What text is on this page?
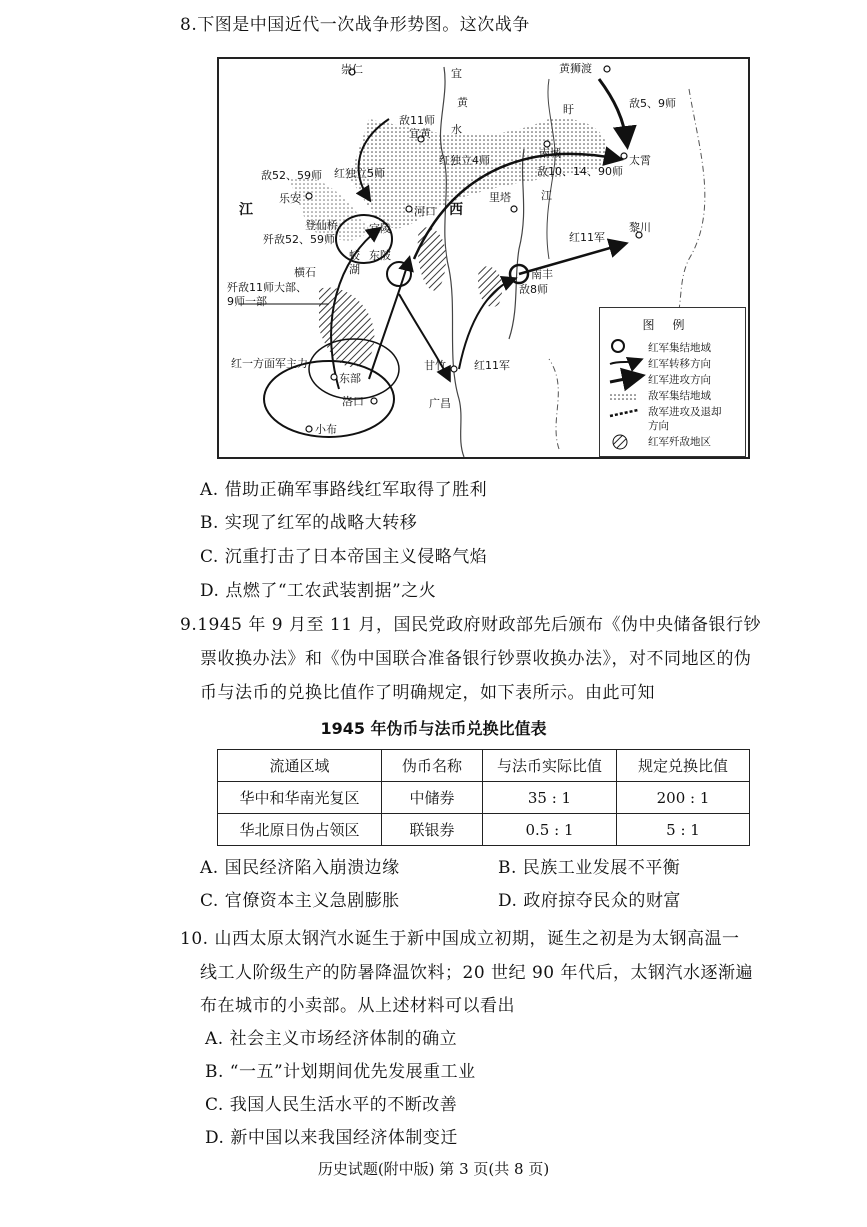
8.下图是中国近代一次战争形势图。这次战争
崇仁	宜
黄
水
黄狮渡
敌5、9师
敌11师
宜黄
盱
红独立4师
南城
太霄
敌52、59师 红独立5师	敌10、14、90师
乐安	江
里塔
江	河口 西
登仙桥	宜陵	黎川
歼敌52、59师	红11军
蛟 东陂
湖
横石	南丰
歼敌11师大部、	敌8师
9师一部
红一方面军主力	甘竹	红11军
东部
洛口	广昌
小布
图例
红军集结地域
红军转移方向
红军进攻方向
敌军集结地域
敌军进攻及退却
方向
红军歼敌地区
A. 借助正确军事路线红军取得了胜利
B. 实现了红军的战略大转移
C. 沉重打击了日本帝国主义侵略气焰
D. 点燃了“工农武装割据”之火
9.1945 年 9 月至 11 月，国民党政府财政部先后颁布《伪中央储备银行钞
票收换办法》和《伪中国联合准备银行钞票收换办法》，对不同地区的伪
币与法币的兑换比值作了明确规定，如下表所示。由此可知
1945 年伪币与法币兑换比值表
流通区域	伪币名称	与法币实际比值	规定兑换比值
华中和华南光复区	中储券	35 : 1	200 : 1
华北原日伪占领区	联银券	0.5 : 1	5 : 1
A. 国民经济陷入崩溃边缘	B. 民族工业发展不平衡
C. 官僚资本主义急剧膨胀	D. 政府掠夺民众的财富
10. 山西太原太钢汽水诞生于新中国成立初期，诞生之初是为太钢高温一
线工人阶级生产的防暑降温饮料；20 世纪 90 年代后，太钢汽水逐渐遍
布在城市的小卖部。从上述材料可以看出
A. 社会主义市场经济体制的确立
B. “一五”计划期间优先发展重工业
C. 我国人民生活水平的不断改善
D. 新中国以来我国经济体制变迁
历史试题(附中版) 第 3 页(共 8 页)
